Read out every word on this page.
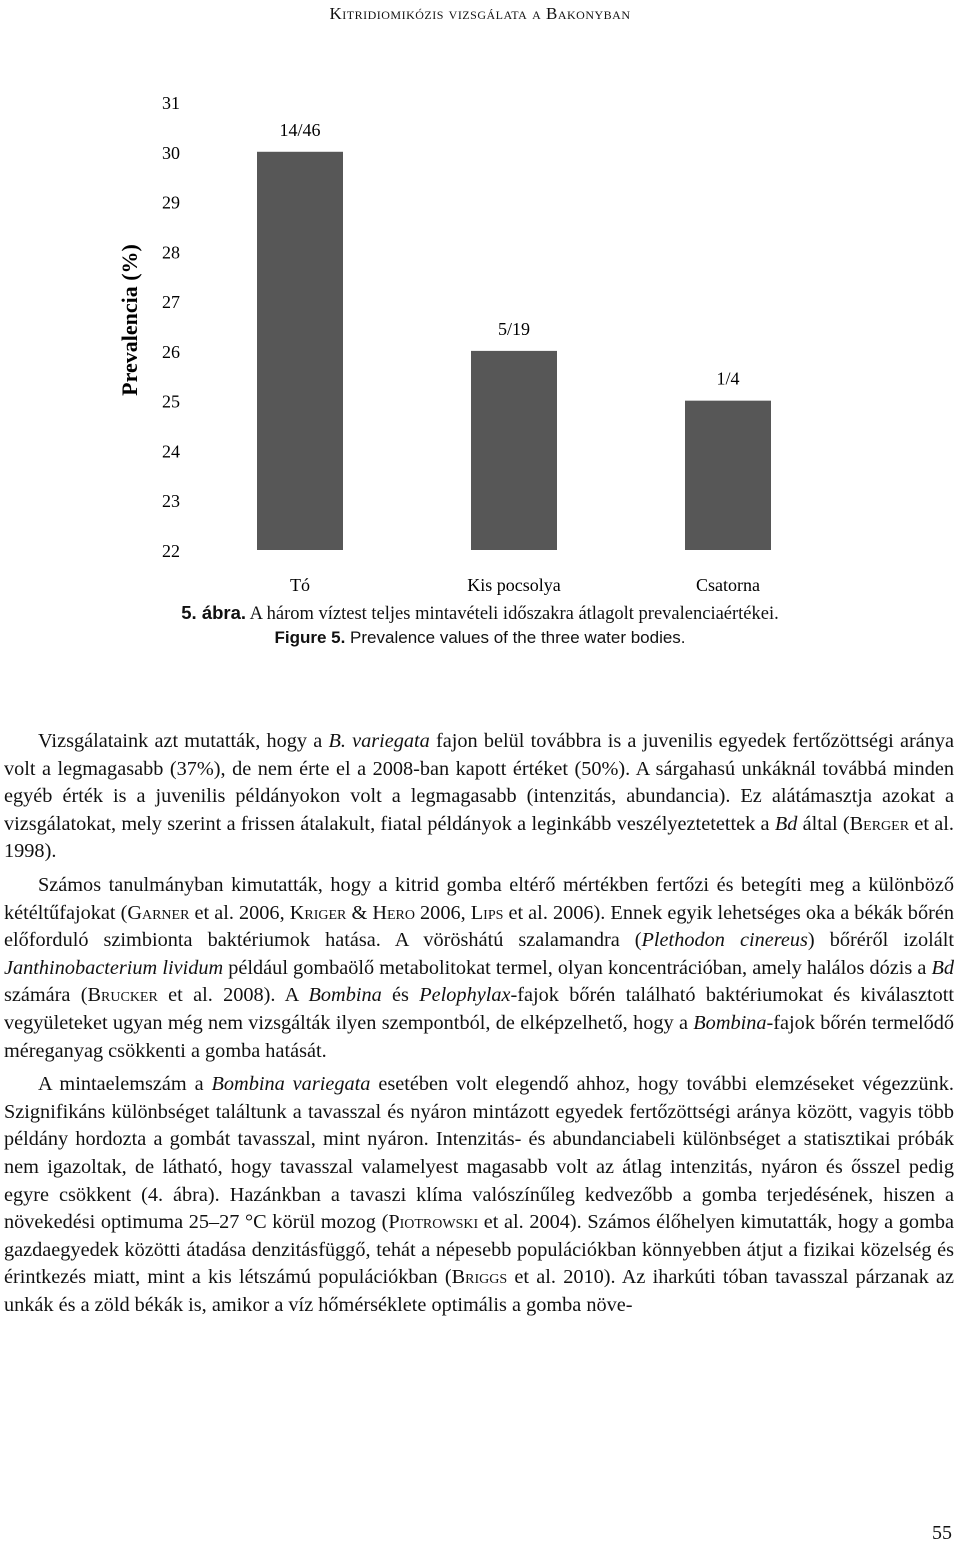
Kitridiomikózis vizsgálata a Bakonyban
Prevalencia (%)
22
23
24
25
26
27
28
29
30
31
Tó	Kis pocsolya	Csatorna
14/46
5/19
1/4
5. ábra. A három víztest teljes mintavételi időszakra átlagolt prevalenciaértékei.
Figure 5. Prevalence values of the three water bodies.

Vizsgálataink azt mutatták, hogy a B. variegata fajon belül továbbra is a juvenilis egyedek fertőzöttségi aránya volt a legmagasabb (37%), de nem érte el a 2008-ban kapott értéket (50%). A sárgahasú unkáknál továbbá minden egyéb érték is a juvenilis példányokon volt a legmagasabb (intenzitás, abundancia). Ez alátámasztja azokat a vizsgálatokat, mely szerint a frissen átalakult, fiatal példányok a leginkább veszélyeztetettek a Bd által (Berger et al. 1998).

Számos tanulmányban kimutatták, hogy a kitrid gomba eltérő mértékben fertőzi és betegíti meg a különböző kétéltűfajokat (Garner et al. 2006, Kriger & Hero 2006, Lips et al. 2006). Ennek egyik lehetséges oka a békák bőrén előforduló szimbionta baktériumok hatása. A vöröshátú szalamandra (Plethodon cinereus) bőréről izolált Janthinobacterium lividum például gombaölő metabolitokat termel, olyan koncentrációban, amely halálos dózis a Bd számára (Brucker et al. 2008). A Bombina és Pelophylax-fajok bőrén található baktériumokat és kiválasztott vegyületeket ugyan még nem vizsgálták ilyen szempontból, de elképzelhető, hogy a Bombina-fajok bőrén termelődő méreganyag csökkenti a gomba hatását.

A mintaelemszám a Bombina variegata esetében volt elegendő ahhoz, hogy további elemzéseket végezzünk. Szignifikáns különbséget találtunk a tavasszal és nyáron mintázott egyedek fertőzöttségi aránya között, vagyis több példány hordozta a gombát tavasszal, mint nyáron. Intenzitás- és abundanciabeli különbséget a statisztikai próbák nem igazoltak, de látható, hogy tavasszal valamelyest magasabb volt az átlag intenzitás, nyáron és ősszel pedig egyre csökkent (4. ábra). Hazánkban a tavaszi klíma valószínűleg kedvezőbb a gomba terjedésének, hiszen a növekedési optimuma 25–27 °C körül mozog (Piotrowski et al. 2004). Számos élőhelyen kimutatták, hogy a gomba gazdaegyedek közötti átadása denzitásfüggő, tehát a népesebb populációkban könnyebben átjut a fizikai közelség és érintkezés miatt, mint a kis létszámú populációkban (Briggs et al. 2010). Az iharkúti tóban tavasszal párzanak az unkák és a zöld békák is, amikor a víz hőmérséklete optimális a gomba növe-

55
